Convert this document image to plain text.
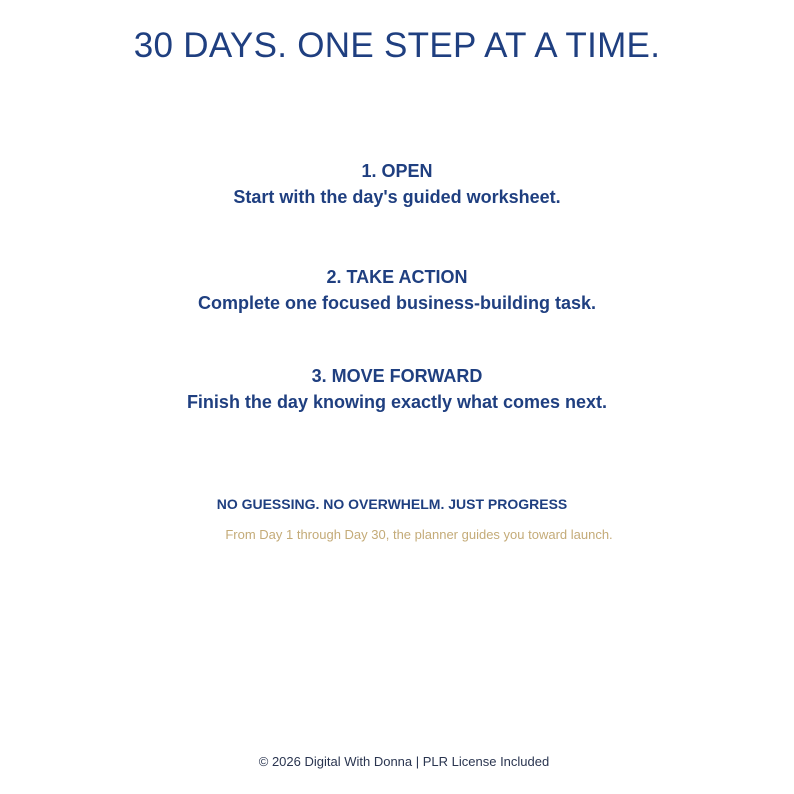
30 DAYS. ONE STEP AT A TIME.
1. OPEN
Start with the day's guided worksheet.
2. TAKE ACTION
Complete one focused business-building task.
3. MOVE FORWARD
Finish the day knowing exactly what comes next.
NO GUESSING. NO OVERWHELM. JUST PROGRESS
From Day 1 through Day 30, the planner guides you toward launch.
© 2026 Digital With Donna | PLR License Included
